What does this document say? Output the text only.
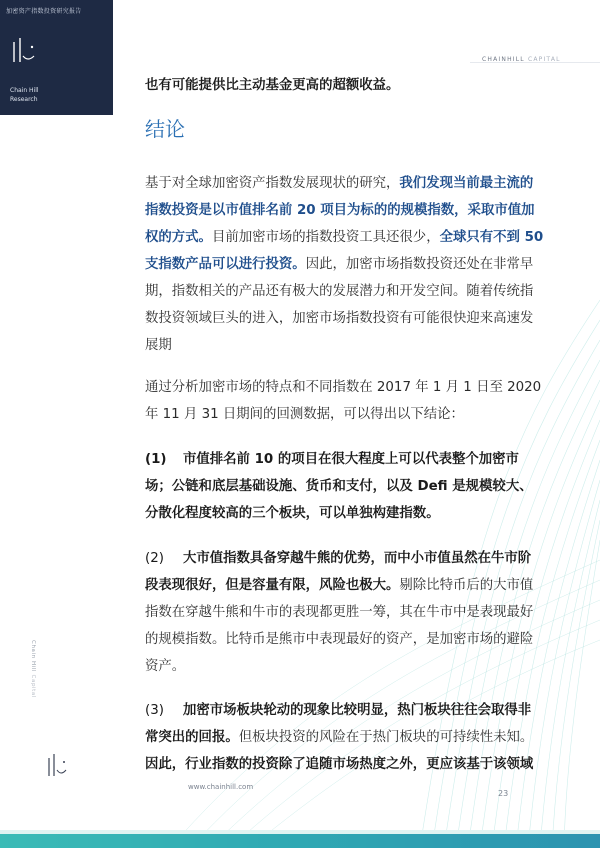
加密资产指数投资研究报告
Chain Hill
Research
CHAINHILL CAPITAL
Chain Hill Capital

也有可能提供比主动基金更高的超额收益。

结论
基于对全球加密资产指数发展现状的研究，我们发现当前最主流的
指数投资是以市值排名前 20 项目为标的的规模指数，采取市值加
权的方式。目前加密市场的指数投资工具还很少，全球只有不到 50
支指数产品可以进行投资。因此，加密市场指数投资还处在非常早
期，指数相关的产品还有极大的发展潜力和开发空间。随着传统指
数投资领域巨头的进入，加密市场指数投资有可能很快迎来高速发
展期
通过分析加密市场的特点和不同指数在 2017 年 1 月 1 日至 2020
年 11 月 31 日期间的回测数据，可以得出以下结论：
(1) 市值排名前 10 的项目在很大程度上可以代表整个加密市
场；公链和底层基础设施、货币和支付，以及 Defi 是规模较大、
分散化程度较高的三个板块，可以单独构建指数。
(2) 大市值指数具备穿越牛熊的优势，而中小市值虽然在牛市阶
段表现很好，但是容量有限，风险也极大。剔除比特币后的大市值
指数在穿越牛熊和牛市的表现都更胜一筹，其在牛市中是表现最好
的规模指数。比特币是熊市中表现最好的资产，是加密市场的避险
资产。
(3) 加密市场板块轮动的现象比较明显，热门板块往往会取得非
常突出的回报。但板块投资的风险在于热门板块的可持续性未知。
因此，行业指数的投资除了追随市场热度之外，更应该基于该领域
www.chainhill.com
23
